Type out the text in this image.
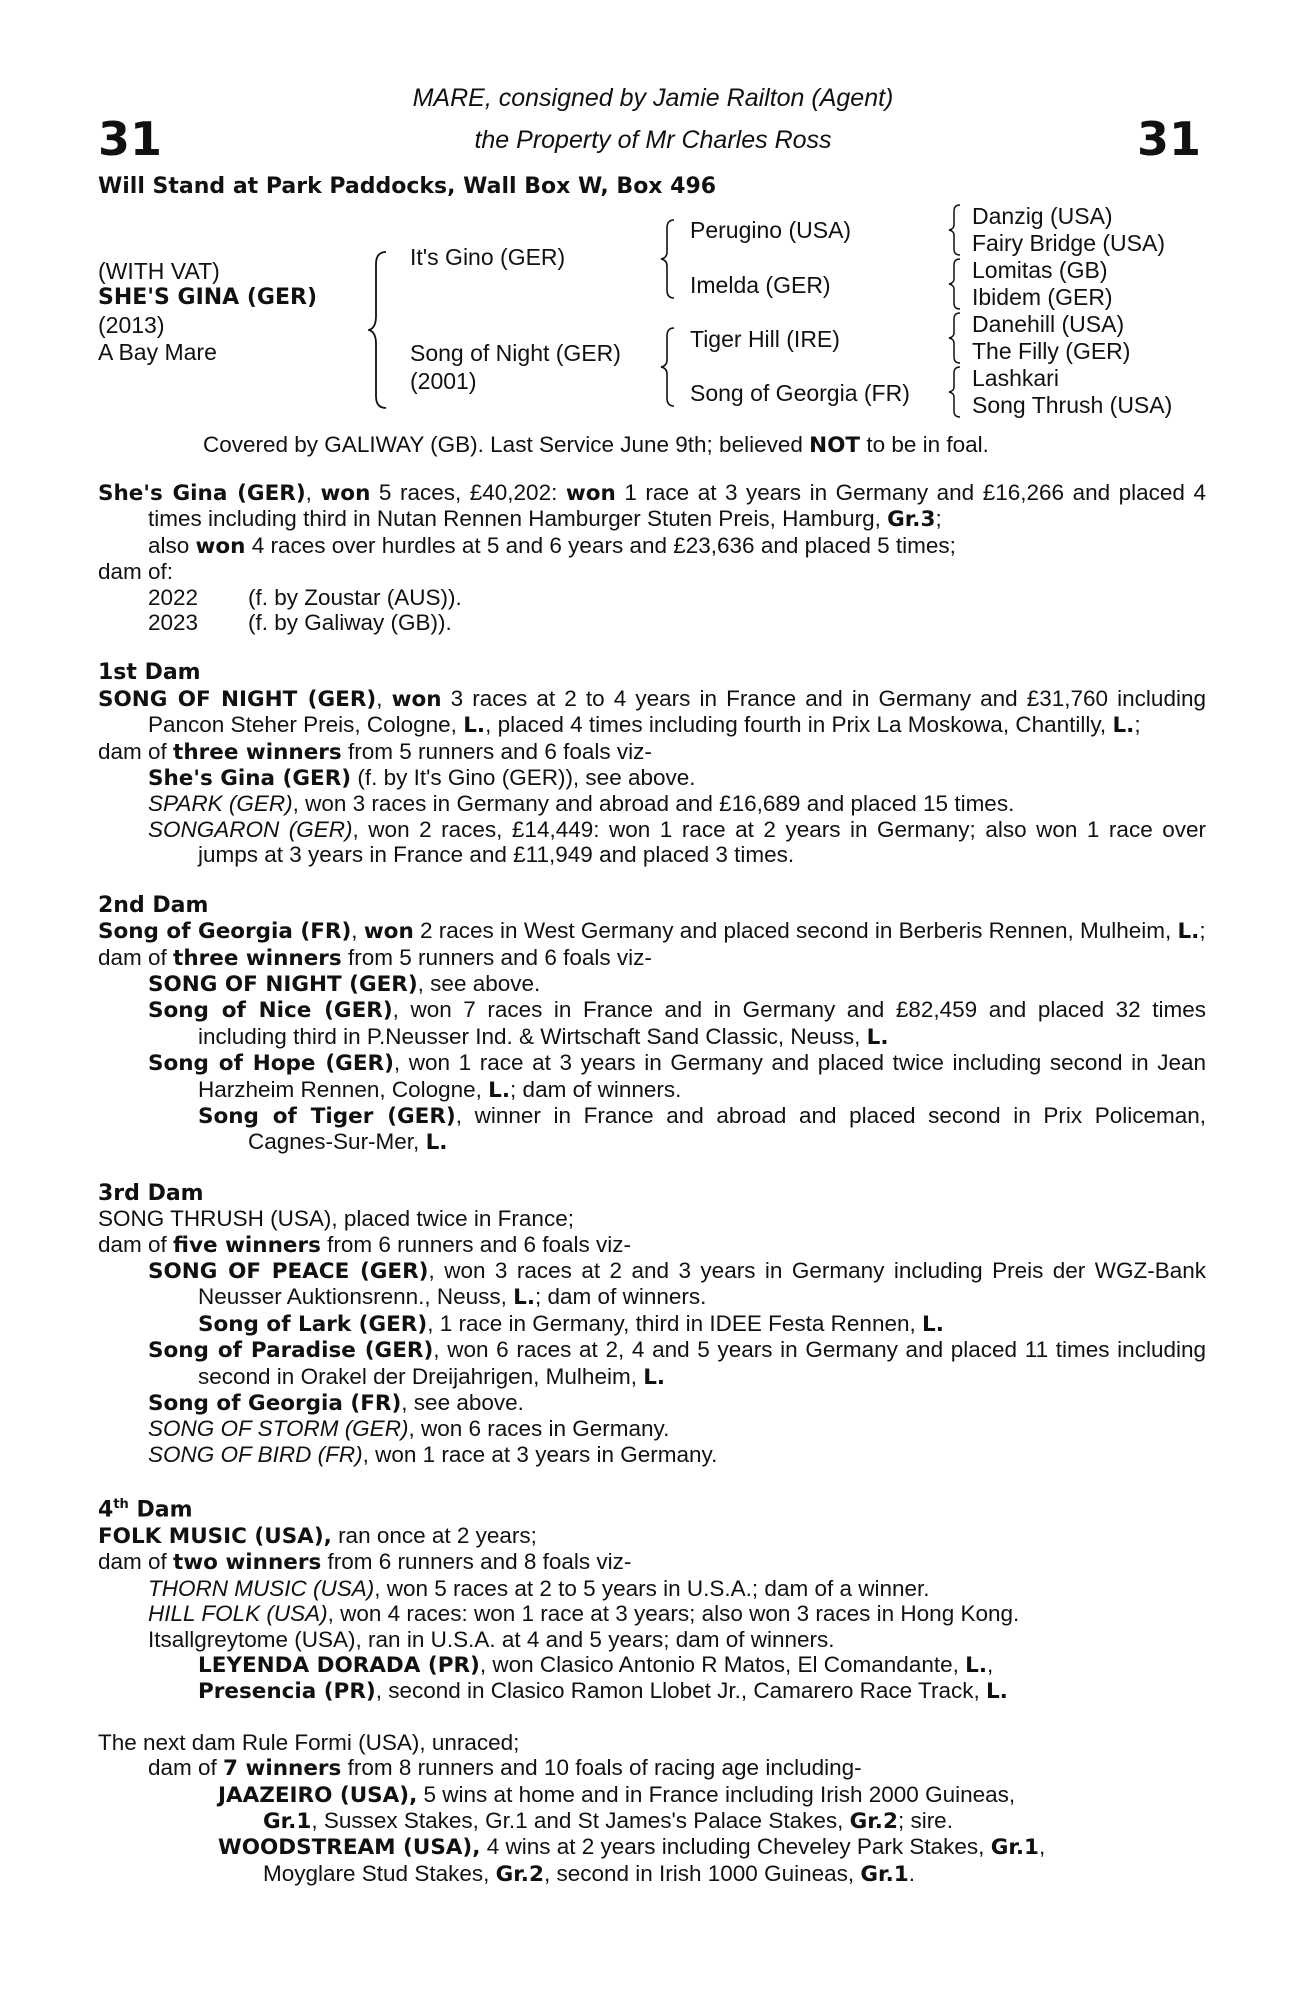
31	31
MARE, consigned by Jamie Railton (Agent)
the Property of Mr Charles Ross
Will Stand at Park Paddocks, Wall Box W, Box 496
(WITH VAT)
SHE'S GINA (GER)
(2013)
A Bay Mare
It's Gino (GER)
Song of Night (GER)
(2001)
Perugino (USA)
Imelda (GER)
Tiger Hill (IRE)
Song of Georgia (FR)
Danzig (USA)
Fairy Bridge (USA)
Lomitas (GB)
Ibidem (GER)
Danehill (USA)
The Filly (GER)
Lashkari
Song Thrush (USA)
Covered by GALIWAY (GB). Last Service June 9th; believed NOT to be in foal.

She's Gina (GER), won 5 races, £40,202: won 1 race at 3 years in Germany and £16,266 and placed 4 times including third in Nutan Rennen Hamburger Stuten Preis, Hamburg, Gr.3;
also won 4 races over hurdles at 5 and 6 years and £23,636 and placed 5 times;

dam of:

2022	(f. by Zoustar (AUS)).
2023	(f. by Galiway (GB)).

1st Dam

SONG OF NIGHT (GER), won 3 races at 2 to 4 years in France and in Germany and £31,760 including Pancon Steher Preis, Cologne, L., placed 4 times including fourth in Prix La Moskowa, Chantilly, L.;

dam of three winners from 5 runners and 6 foals viz-

She's Gina (GER) (f. by It's Gino (GER)), see above.

SPARK (GER), won 3 races in Germany and abroad and £16,689 and placed 15 times.

SONGARON (GER), won 2 races, £14,449: won 1 race at 2 years in Germany; also won 1 race over jumps at 3 years in France and £11,949 and placed 3 times.

2nd Dam

Song of Georgia (FR), won 2 races in West Germany and placed second in Berberis Rennen, Mulheim, L.;

dam of three winners from 5 runners and 6 foals viz-

SONG OF NIGHT (GER), see above.

Song of Nice (GER), won 7 races in France and in Germany and £82,459 and placed 32 times including third in P.Neusser Ind. & Wirtschaft Sand Classic, Neuss, L.

Song of Hope (GER), won 1 race at 3 years in Germany and placed twice including second in Jean Harzheim Rennen, Cologne, L.; dam of winners.

Song of Tiger (GER), winner in France and abroad and placed second in Prix Policeman, Cagnes-Sur-Mer, L.

3rd Dam

SONG THRUSH (USA), placed twice in France;

dam of five winners from 6 runners and 6 foals viz-

SONG OF PEACE (GER), won 3 races at 2 and 3 years in Germany including Preis der WGZ-Bank Neusser Auktionsrenn., Neuss, L.; dam of winners.

Song of Lark (GER), 1 race in Germany, third in IDEE Festa Rennen, L.

Song of Paradise (GER), won 6 races at 2, 4 and 5 years in Germany and placed 11 times including second in Orakel der Dreijahrigen, Mulheim, L.

Song of Georgia (FR), see above.

SONG OF STORM (GER), won 6 races in Germany.

SONG OF BIRD (FR), won 1 race at 3 years in Germany.

4th Dam

FOLK MUSIC (USA), ran once at 2 years;

dam of two winners from 6 runners and 8 foals viz-

THORN MUSIC (USA), won 5 races at 2 to 5 years in U.S.A.; dam of a winner.

HILL FOLK (USA), won 4 races: won 1 race at 3 years; also won 3 races in Hong Kong.

Itsallgreytome (USA), ran in U.S.A. at 4 and 5 years; dam of winners.

LEYENDA DORADA (PR), won Clasico Antonio R Matos, El Comandante, L.,

Presencia (PR), second in Clasico Ramon Llobet Jr., Camarero Race Track, L.

The next dam Rule Formi (USA), unraced;

dam of 7 winners from 8 runners and 10 foals of racing age including-

JAAZEIRO (USA), 5 wins at home and in France including Irish 2000 Guineas,
Gr.1, Sussex Stakes, Gr.1 and St James's Palace Stakes, Gr.2; sire.

WOODSTREAM (USA), 4 wins at 2 years including Cheveley Park Stakes, Gr.1,
Moyglare Stud Stakes, Gr.2, second in Irish 1000 Guineas, Gr.1.
